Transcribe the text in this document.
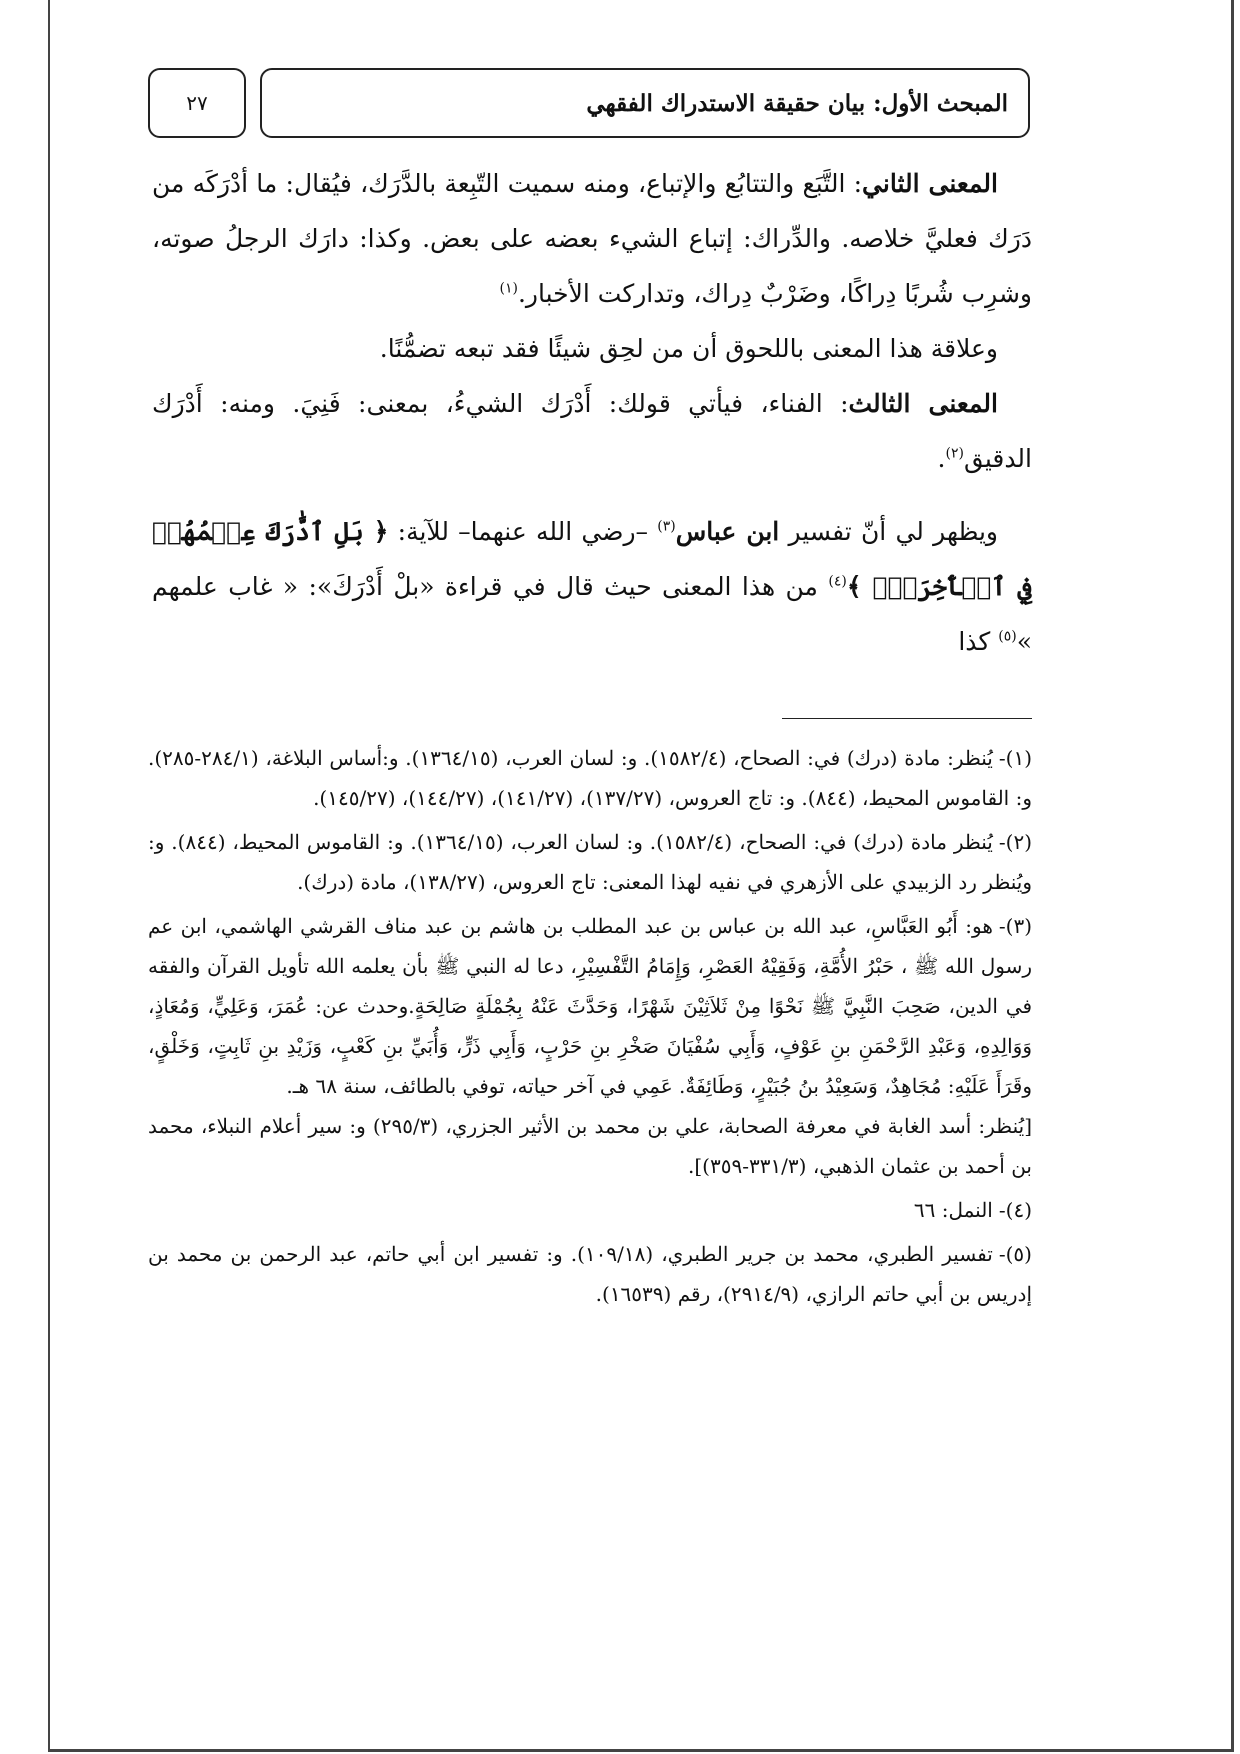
٢٧	المبحث الأول: بيان حقيقة الاستدراك الفقهي

المعنى الثاني: التَّبَع والتتابُع والإتباع، ومنه سميت التّبِعة بالدَّرَك، فيُقال: ما أدْرَكَه من دَرَك فعليَّ خلاصه. والدِّراك: إتباع الشيء بعضه على بعض. وكذا: دارَك الرجلُ صوته، وشرِب شُربًا دِراكًا، وضَرْبٌ دِراك، وتداركت الأخبار.$^{(١)}$

وعلاقة هذا المعنى باللحوق أن من لحِق شيئًا فقد تبعه تضمُّنًا.

المعنى الثالث: الفناء، فيأتي قولك: أَدْرَك الشيءُ، بمعنى: فَنِيَ. ومنه: أَدْرَك الدقيق$^{(٢)}$.

ويظهر لي أنّ تفسير ابن عباس$^{(٣)}$ –رضي الله عنهما– للآية: ﴿ بَلِ ٱدَّٰرَكَ عِلۡمُهُمۡ فِي ٱلۡأٓخِرَةِۚ ﴾$^{(٤)}$ من هذا المعنى حيث قال في قراءة «بلْ أَدْرَكَ»: « غاب علمهم »$^{(٥)}$ كذا

(١)-يُنظر: مادة (درك) في: الصحاح، (١٥٨٢/٤). و: لسان العرب، (١٣٦٤/١٥). و:أساس البلاغة، (٢٨٤/١-٢٨٥). و: القاموس المحيط، (٨٤٤). و: تاج العروس، (١٣٧/٢٧)، (١٤١/٢٧)، (١٤٤/٢٧)، (١٤٥/٢٧).

(٢)-يُنظر مادة (درك) في: الصحاح، (١٥٨٢/٤). و: لسان العرب، (١٣٦٤/١٥). و: القاموس المحيط، (٨٤٤). و: ويُنظر رد الزبيدي على الأزهري في نفيه لهذا المعنى: تاج العروس، (١٣٨/٢٧)، مادة (درك).

(٣)-هو: أَبُو العَبَّاسِ، عبد الله بن عباس بن عبد المطلب بن هاشم بن عبد مناف القرشي الهاشمي، ابن عم رسول الله ﷺ ، حَبْرُ الأُمَّةِ، وَفَقِيْهُ العَصْرِ، وَإِمَامُ التَّفْسِيْرِ، دعا له النبي ﷺ بأن يعلمه الله تأويل القرآن والفقه في الدين، صَحِبَ النَّبِيَّ ﷺ نَحْوًا مِنْ ثَلاَثِيْنَ شَهْرًا، وَحَدَّثَ عَنْهُ بِجُمْلَةٍ صَالِحَةٍ.وحدث عن: عُمَرَ، وَعَلِيٍّ، وَمُعَاذٍ، وَوَالِدِهِ، وَعَبْدِ الرَّحْمَنِ بنِ عَوْفٍ، وَأَبِي سُفْيَانَ صَخْرِ بنِ حَرْبٍ، وَأَبِي ذَرٍّ، وَأُبَيِّ بنِ كَعْبٍ، وَزَيْدِ بنِ ثَابِتٍ، وَخَلْقٍ، وقَرَأَ عَلَيْهِ: مُجَاهِدٌ، وَسَعِيْدُ بنُ جُبَيْرٍ، وَطَائِفَةٌ. عَمِي في آخر حياته، توفي بالطائف، سنة ٦٨ هـ.

[يُنظر: أسد الغابة في معرفة الصحابة، علي بن محمد بن الأثير الجزري، (٢٩٥/٣) و: سير أعلام النبلاء، محمد بن أحمد بن عثمان الذهبي، (٣٣١/٣-٣٥٩)].

(٤)-النمل: ٦٦

(٥)-تفسير الطبري، محمد بن جرير الطبري، (١٠٩/١٨). و: تفسير ابن أبي حاتم، عبد الرحمن بن محمد بن إدريس بن أبي حاتم الرازي، (٢٩١٤/٩)، رقم (١٦٥٣٩).
